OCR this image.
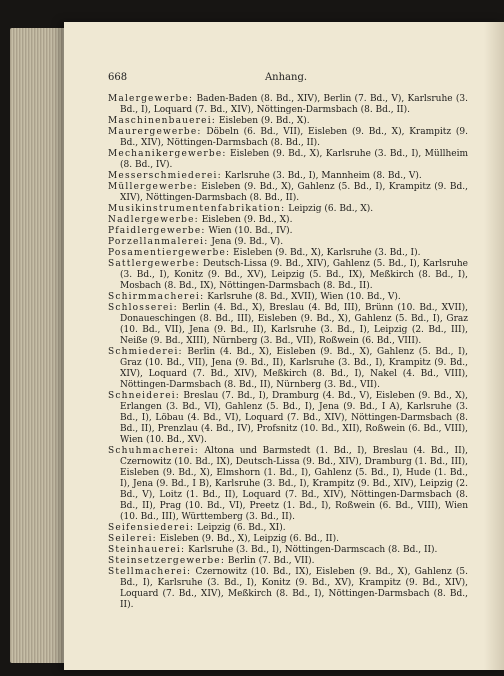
668	Anhang.

Malergewerbe: Baden-Baden (8. Bd., XIV), Berlin (7. Bd., V), Karlsruhe (3. Bd., I), Loquard (7. Bd., XIV), Nöttingen-Darmsbach (8. Bd., II).

Maschinenbauerei: Eisleben (9. Bd., X).

Maurergewerbe: Döbeln (6. Bd., VII), Eisleben (9. Bd., X), Krampitz (9. Bd., XIV), Nöttingen-Darmsbach (8. Bd., II).

Mechanikergewerbe: Eisleben (9. Bd., X), Karlsruhe (3. Bd., I), Müllheim (8. Bd., IV).

Messerschmiederei: Karlsruhe (3. Bd., I), Mannheim (8. Bd., V).

Müllergewerbe: Eisleben (9. Bd., X), Gahlenz (5. Bd., I), Krampitz (9. Bd., XIV), Nöttingen-Darmsbach (8. Bd., II).

Musikinstrumentenfabrikation: Leipzig (6. Bd., X).

Nadlergewerbe: Eisleben (9. Bd., X).

Pfaidlergewerbe: Wien (10. Bd., IV).

Porzellanmalerei: Jena (9. Bd., V).

Posamentiergewerbe: Eisleben (9. Bd., X), Karlsruhe (3. Bd., I).

Sattlergewerbe: Deutsch-Lissa (9. Bd., XIV), Gahlenz (5. Bd., I), Karlsruhe (3. Bd., I), Konitz (9. Bd., XV), Leipzig (5. Bd., IX), Meßkirch (8. Bd., I), Mosbach (8. Bd., IX), Nöttingen-Darmsbach (8. Bd., II).

Schirmmacherei: Karlsruhe (8. Bd., XVII), Wien (10. Bd., V).

Schlosserei: Berlin (4. Bd., X), Breslau (4. Bd, III), Brünn (10. Bd., XVII), Donaueschingen (8. Bd., III), Eisleben (9. Bd., X), Gahlenz (5. Bd., I), Graz (10. Bd., VII), Jena (9. Bd., II), Karlsruhe (3. Bd., I), Leipzig (2. Bd., III), Neiße (9. Bd., XIII), Nürnberg (3. Bd., VII), Roßwein (6. Bd., VIII).

Schmiederei: Berlin (4. Bd., X), Eisleben (9. Bd., X), Gahlenz (5. Bd., I), Graz (10. Bd., VII), Jena (9. Bd., II), Karlsruhe (3. Bd., I), Krampitz (9. Bd., XIV), Loquard (7. Bd., XIV), Meßkirch (8. Bd., I), Nakel (4. Bd., VIII), Nöttingen-Darmsbach (8. Bd., II), Nürnberg (3. Bd., VII).

Schneiderei: Breslau (7. Bd., I), Dramburg (4. Bd., V), Eisleben (9. Bd., X), Erlangen (3. Bd., VI), Gahlenz (5. Bd., I), Jena (9. Bd., I A), Karlsruhe (3. Bd., I), Löbau (4. Bd., VI), Loquard (7. Bd., XIV), Nöttingen-Darmsbach (8. Bd., II), Prenzlau (4. Bd., IV), Profsnitz (10. Bd., XII), Roßwein (6. Bd., VIII), Wien (10. Bd., XV).

Schuhmacherei: Altona und Barmstedt (1. Bd., I), Breslau (4. Bd., II), Czernowitz (10. Bd., IX), Deutsch-Lissa (9. Bd., XIV), Dramburg (1. Bd., III), Eisleben (9. Bd., X), Elmshorn (1. Bd., I), Gahlenz (5. Bd., I), Hude (1. Bd., I), Jena (9. Bd., I B), Karlsruhe (3. Bd., I), Krampitz (9. Bd., XIV), Leipzig (2. Bd., V), Loitz (1. Bd., II), Loquard (7. Bd., XIV), Nöttingen-Darmsbach (8. Bd., II), Prag (10. Bd., VI), Preetz (1. Bd., I), Roßwein (6. Bd., VIII), Wien (10. Bd., III), Württemberg (3. Bd., II).

Seifensiederei: Leipzig (6. Bd., XI).

Seilerei: Eisleben (9. Bd., X), Leipzig (6. Bd., II).

Steinhauerei: Karlsruhe (3. Bd., I), Nöttingen-Darmscach (8. Bd., II).

Steinsetzergewerbe: Berlin (7. Bd., VII).

Stellmacherei: Czernowitz (10. Bd., IX), Eisleben (9. Bd., X), Gahlenz (5. Bd., I), Karlsruhe (3. Bd., I), Konitz (9. Bd., XV), Krampitz (9. Bd., XIV), Loquard (7. Bd., XIV), Meßkirch (8. Bd., I), Nöttingen-Darmsbach (8. Bd., II).
